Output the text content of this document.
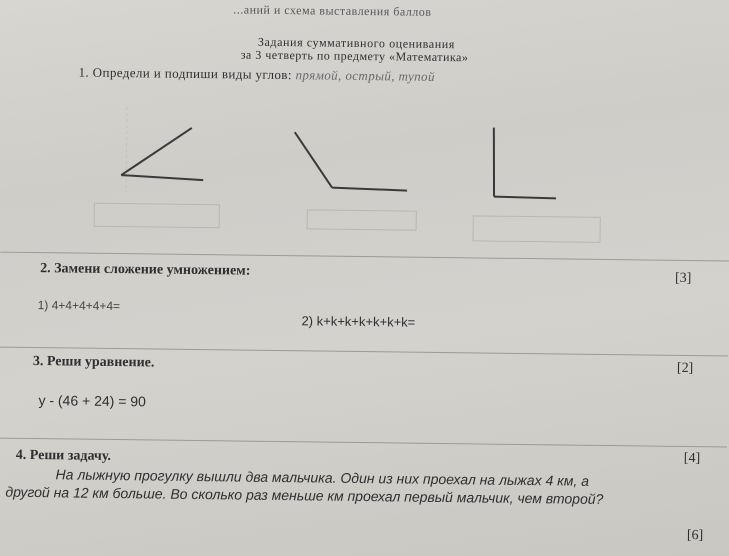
...аний и схема выставления баллов
Задания суммативного оценивания
за 3 четверть по предмету «Математика»
1. Определи и подпиши виды углов: прямой, острый, тупой
2. Замени сложение умножением:	[3]
1) 4+4+4+4+4=
2) k+k+k+k+k+k+k=
3. Реши уравнение.	[2]
у - (46 + 24) = 90
4. Реши задачу.	[4]
На лыжную прогулку вышли два мальчика. Один из них проехал на лыжах 4 км, а
другой на 12 км больше. Во сколько раз меньше км проехал первый мальчик, чем второй?
[6]
